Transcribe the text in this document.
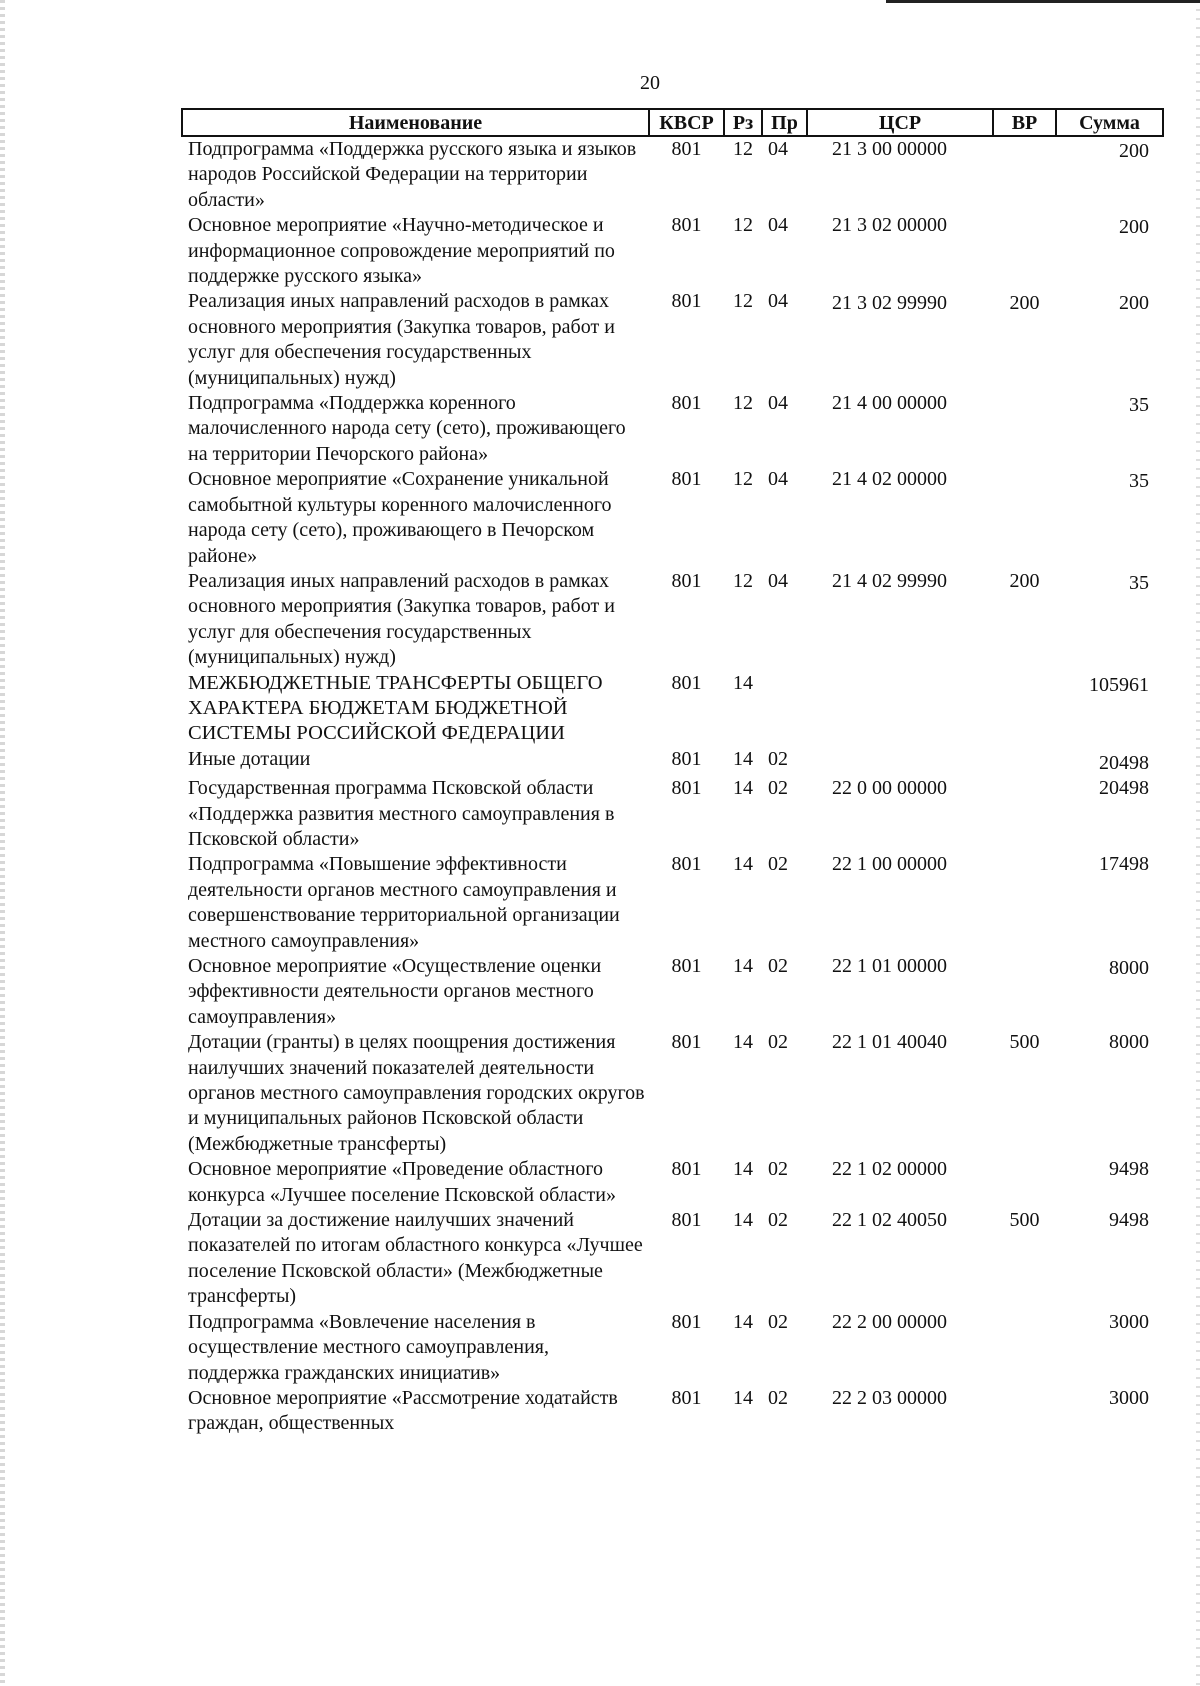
20
Наименование	КВСР	Рз	Пр	ЦСР	ВР	Сумма
Подпрограмма «Поддержка русского языка и языков народов Российской Федерации на территории области»	801	12	04	21 3 00 00000		200
Основное мероприятие «Научно-методическое и информационное сопровождение мероприятий по поддержке русского языка»	801	12	04	21 3 02 00000		200
Реализация иных направлений расходов в рамках основного мероприятия (Закупка товаров, работ и услуг для обеспечения государственных (муниципальных) нужд)	801	12	04	21 3 02 99990	200	200
Подпрограмма «Поддержка коренного малочисленного народа сету (сето), проживающего на территории Печорского района»	801	12	04	21 4 00 00000		35
Основное мероприятие «Сохранение уникальной самобытной культуры коренного малочисленного народа сету (сето), проживающего в Печорском районе»	801	12	04	21 4 02 00000		35
Реализация иных направлений расходов в рамках основного мероприятия (Закупка товаров, работ и услуг для обеспечения государственных (муниципальных) нужд)	801	12	04	21 4 02 99990	200	35
МЕЖБЮДЖЕТНЫЕ ТРАНСФЕРТЫ ОБЩЕГО ХАРАКТЕРА БЮДЖЕТАМ БЮДЖЕТНОЙ СИСТЕМЫ РОССИЙСКОЙ ФЕДЕРАЦИИ	801	14				105961
Иные дотации	801	14	02			20498
Государственная программа Псковской области «Поддержка развития местного самоуправления в Псковской области»	801	14	02	22 0 00 00000		20498
Подпрограмма «Повышение эффективности деятельности органов местного самоуправления и совершенствование территориальной организации местного самоуправления»	801	14	02	22 1 00 00000		17498
Основное мероприятие «Осуществление оценки эффективности деятельности органов местного самоуправления»	801	14	02	22 1 01 00000		8000
Дотации (гранты) в целях поощрения достижения наилучших значений показателей деятельности органов местного самоуправления городских округов и муниципальных районов Псковской области (Межбюджетные трансферты)	801	14	02	22 1 01 40040	500	8000
Основное мероприятие «Проведение областного конкурса «Лучшее поселение Псковской области»	801	14	02	22 1 02 00000		9498
Дотации за достижение наилучших значений показателей по итогам областного конкурса «Лучшее поселение Псковской области» (Межбюджетные трансферты)	801	14	02	22 1 02 40050	500	9498
Подпрограмма «Вовлечение населения в осуществление местного самоуправления, поддержка гражданских инициатив»	801	14	02	22 2 00 00000		3000
Основное мероприятие «Рассмотрение ходатайств граждан, общественных	801	14	02	22 2 03 00000		3000
